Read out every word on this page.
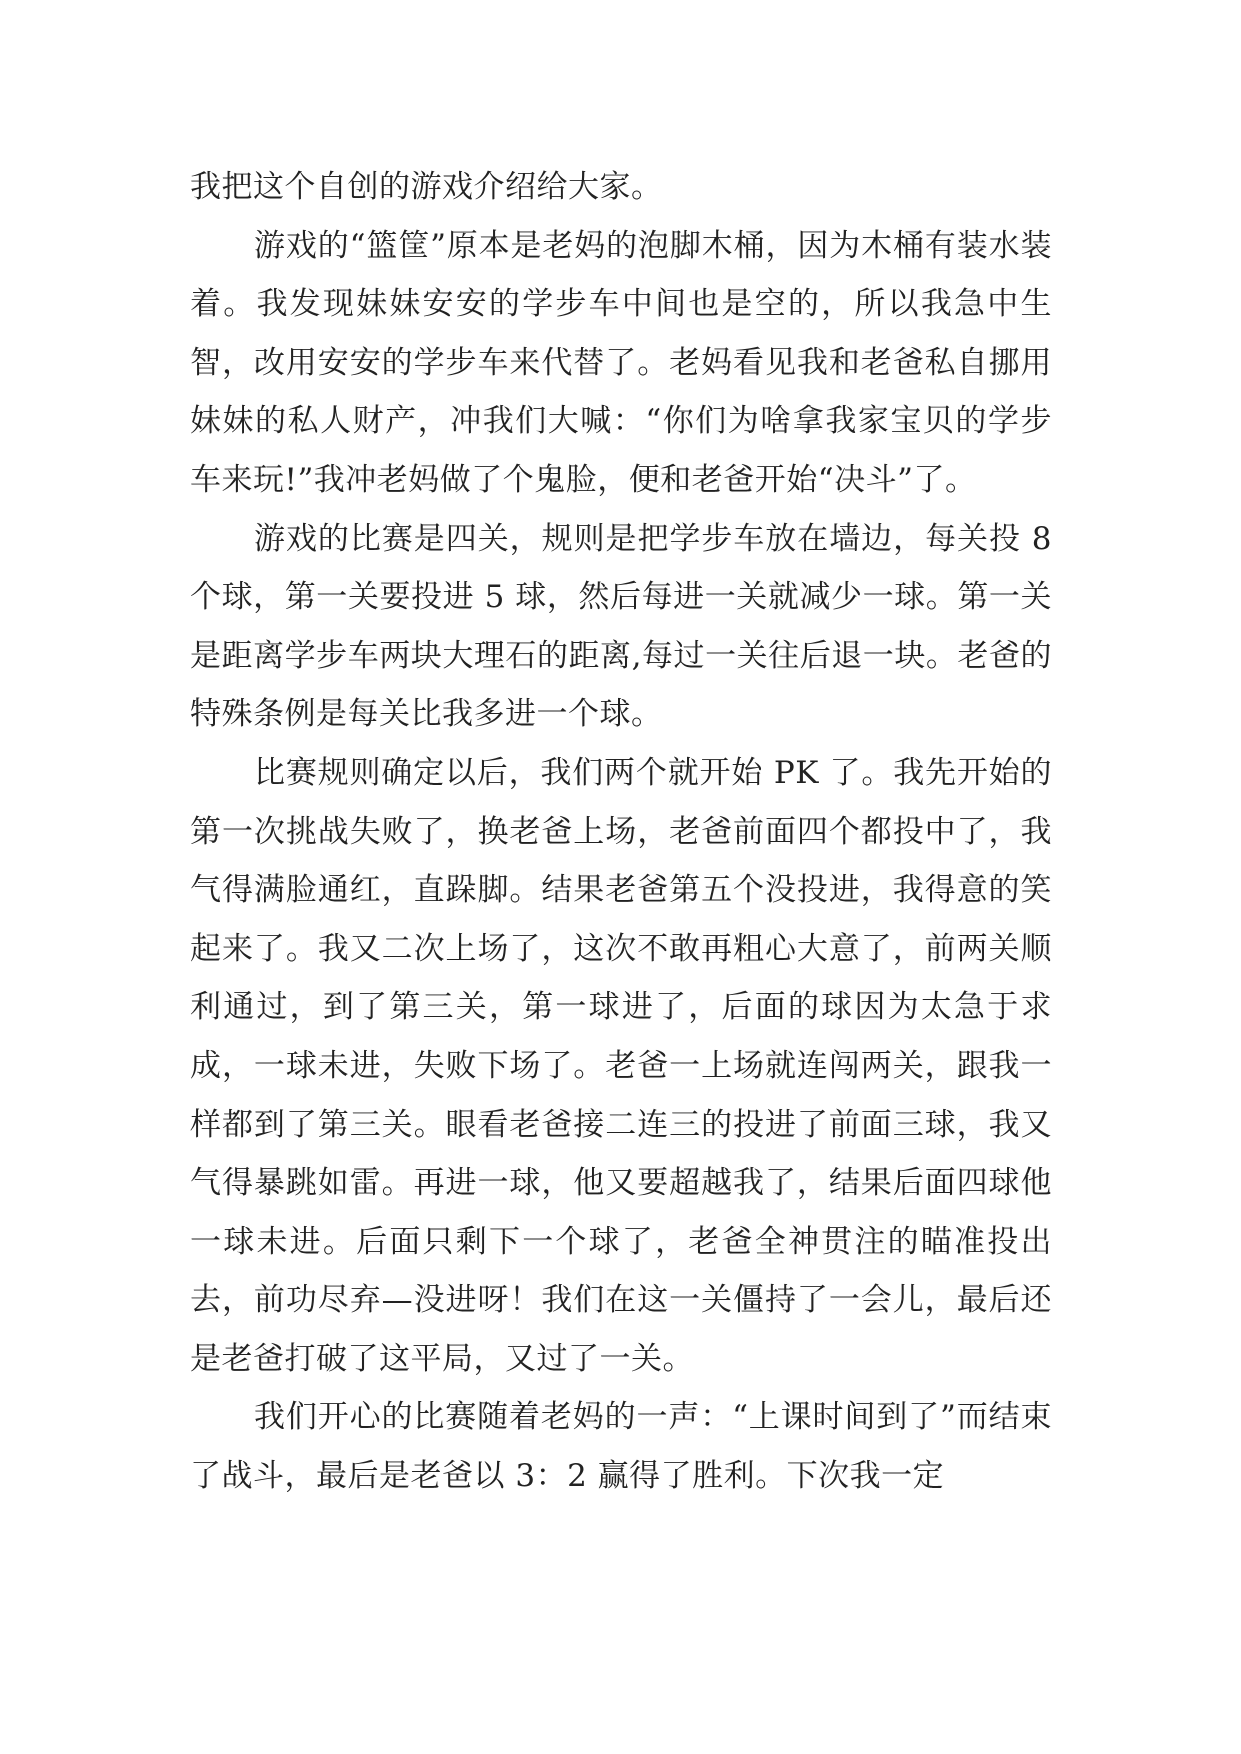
我把这个自创的游戏介绍给大家。

游戏的“篮筐”原本是老妈的泡脚木桶，因为木桶有装水装着。我发现妹妹安安的学步车中间也是空的，所以我急中生智，改用安安的学步车来代替了。老妈看见我和老爸私自挪用妹妹的私人财产，冲我们大喊：“你们为啥拿我家宝贝的学步车来玩!”我冲老妈做了个鬼脸，便和老爸开始“决斗”了。

游戏的比赛是四关，规则是把学步车放在墙边，每关投 8 个球，第一关要投进 5 球，然后每进一关就减少一球。第一关是距离学步车两块大理石的距离,每过一关往后退一块。老爸的特殊条例是每关比我多进一个球。

比赛规则确定以后，我们两个就开始 PK 了。我先开始的第一次挑战失败了，换老爸上场，老爸前面四个都投中了，我气得满脸通红，直跺脚。结果老爸第五个没投进，我得意的笑起来了。我又二次上场了，这次不敢再粗心大意了，前两关顺利通过，到了第三关，第一球进了，后面的球因为太急于求成，一球未进，失败下场了。老爸一上场就连闯两关，跟我一样都到了第三关。眼看老爸接二连三的投进了前面三球，我又气得暴跳如雷。再进一球，他又要超越我了，结果后面四球他一球未进。后面只剩下一个球了，老爸全神贯注的瞄准投出去，前功尽弃—没进呀！我们在这一关僵持了一会儿，最后还是老爸打破了这平局，又过了一关。

我们开心的比赛随着老妈的一声：“上课时间到了”而结束了战斗，最后是老爸以 3：2 赢得了胜利。下次我一定
